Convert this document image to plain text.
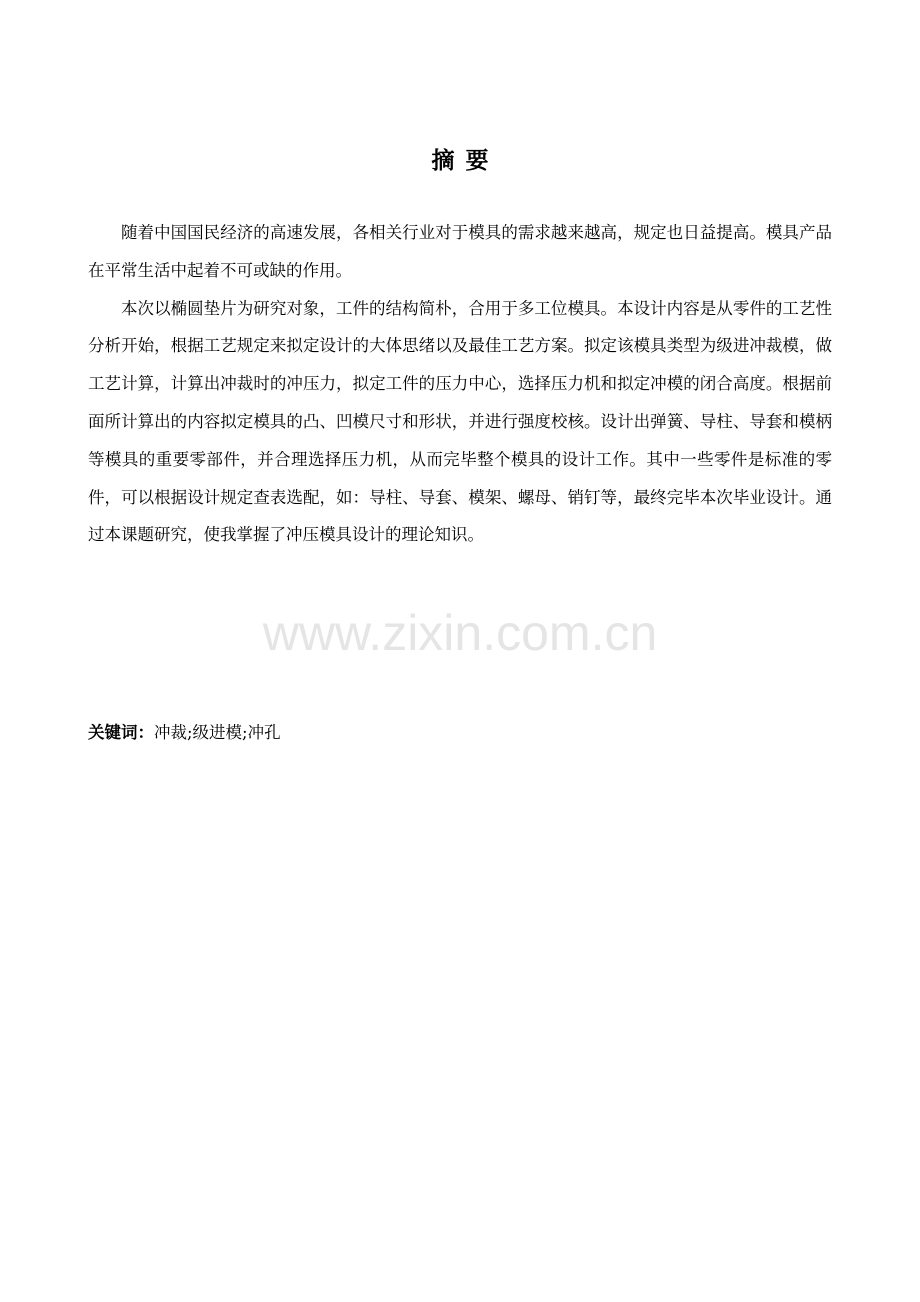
摘要

随着中国国民经济的高速发展，各相关行业对于模具的需求越来越高，规定也日益提高。模具产品在平常生活中起着不可或缺的作用。

本次以椭圆垫片为研究对象，工件的结构简朴，合用于多工位模具。本设计内容是从零件的工艺性分析开始，根据工艺规定来拟定设计的大体思绪以及最佳工艺方案。拟定该模具类型为级进冲裁模，做工艺计算，计算出冲裁时的冲压力，拟定工件的压力中心，选择压力机和拟定冲模的闭合高度。根据前面所计算出的内容拟定模具的凸、凹模尺寸和形状，并进行强度校核。设计出弹簧、导柱、导套和模柄等模具的重要零部件，并合理选择压力机，从而完毕整个模具的设计工作。其中一些零件是标准的零件，可以根据设计规定查表选配，如：导柱、导套、模架、螺母、销钉等，最终完毕本次毕业设计。通过本课题研究，使我掌握了冲压模具设计的理论知识。

关键词：冲裁;级进模;冲孔
www.zixin.com.cn
